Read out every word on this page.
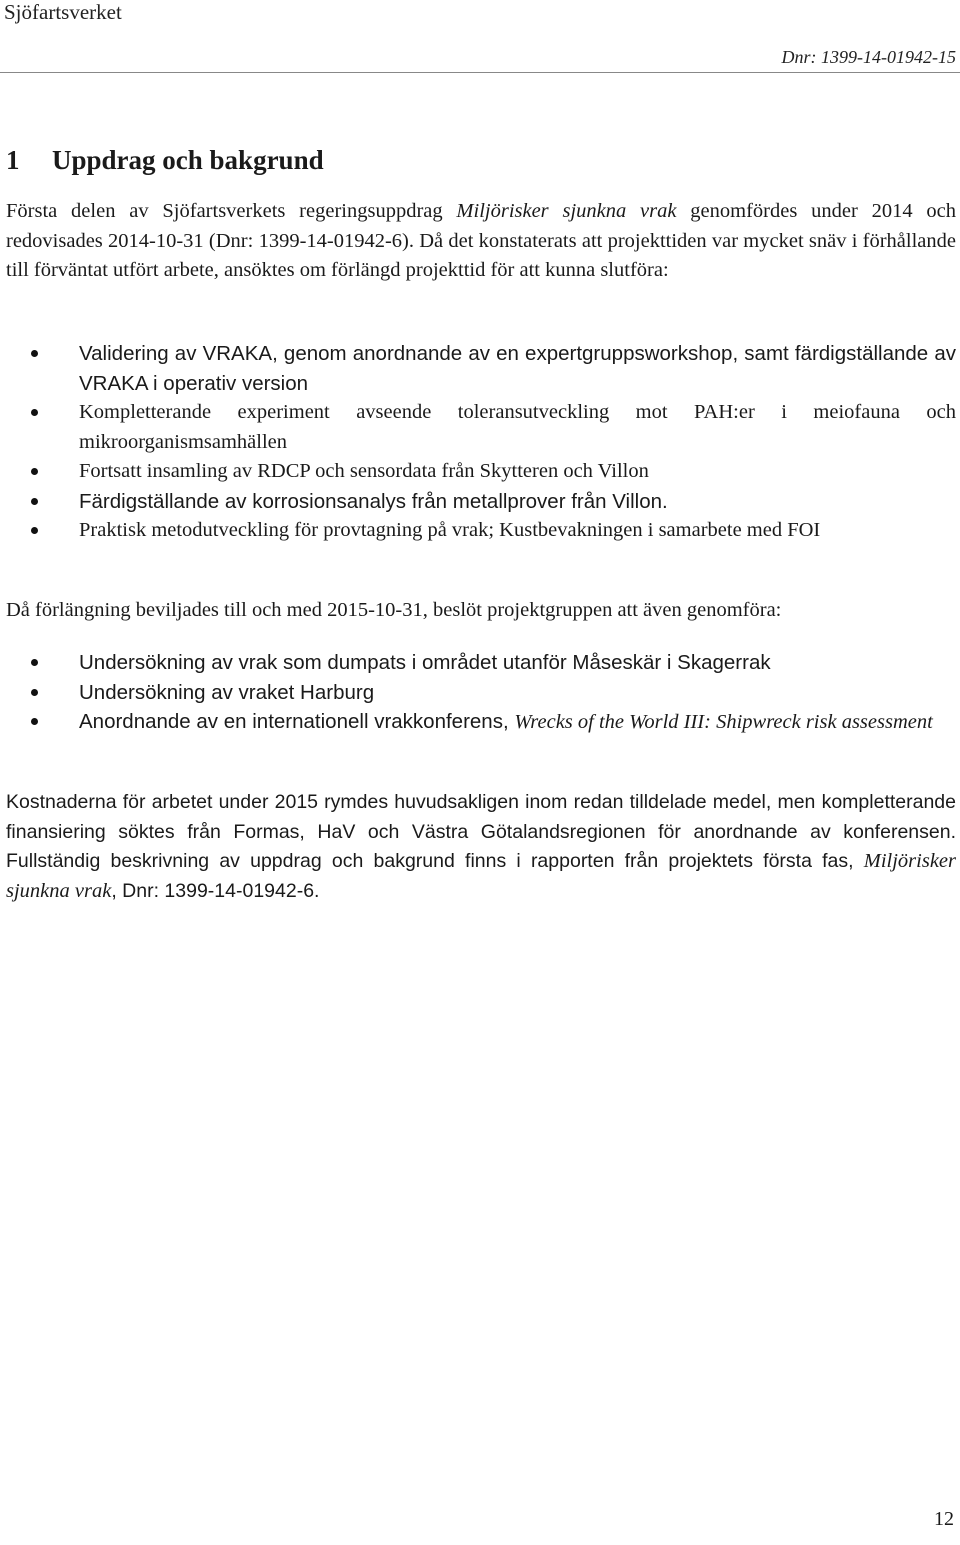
Sjöfartsverket
Dnr: 1399-14-01942-15
1 Uppdrag och bakgrund

Första delen av Sjöfartsverkets regeringsuppdrag Miljörisker sjunkna vrak genomfördes under 2014 och redovisades 2014-10-31 (Dnr: 1399-14-01942-6). Då det konstaterats att projekttiden var mycket snäv i förhållande till förväntat utfört arbete, ansöktes om förlängd projekttid för att kunna slutföra:

Validering av VRAKA, genom anordnande av en expertgruppsworkshop, samt färdigställande av VRAKA i operativ version
Kompletterande experiment avseende toleransutveckling mot PAH:er i meiofauna och mikroorganismsamhällen
Fortsatt insamling av RDCP och sensordata från Skytteren och Villon
Färdigställande av korrosionsanalys från metallprover från Villon.
Praktisk metodutveckling för provtagning på vrak; Kustbevakningen i samarbete med FOI

Då förlängning beviljades till och med 2015-10-31, beslöt projektgruppen att även genomföra:

Undersökning av vrak som dumpats i området utanför Måseskär i Skagerrak
Undersökning av vraket Harburg
Anordnande av en internationell vrakkonferens, Wrecks of the World III: Shipwreck risk assessment

Kostnaderna för arbetet under 2015 rymdes huvudsakligen inom redan tilldelade medel, men kompletterande finansiering söktes från Formas, HaV och Västra Götalandsregionen för anordnande av konferensen. Fullständig beskrivning av uppdrag och bakgrund finns i rapporten från projektets första fas, Miljörisker sjunkna vrak, Dnr: 1399-14-01942-6.

12
